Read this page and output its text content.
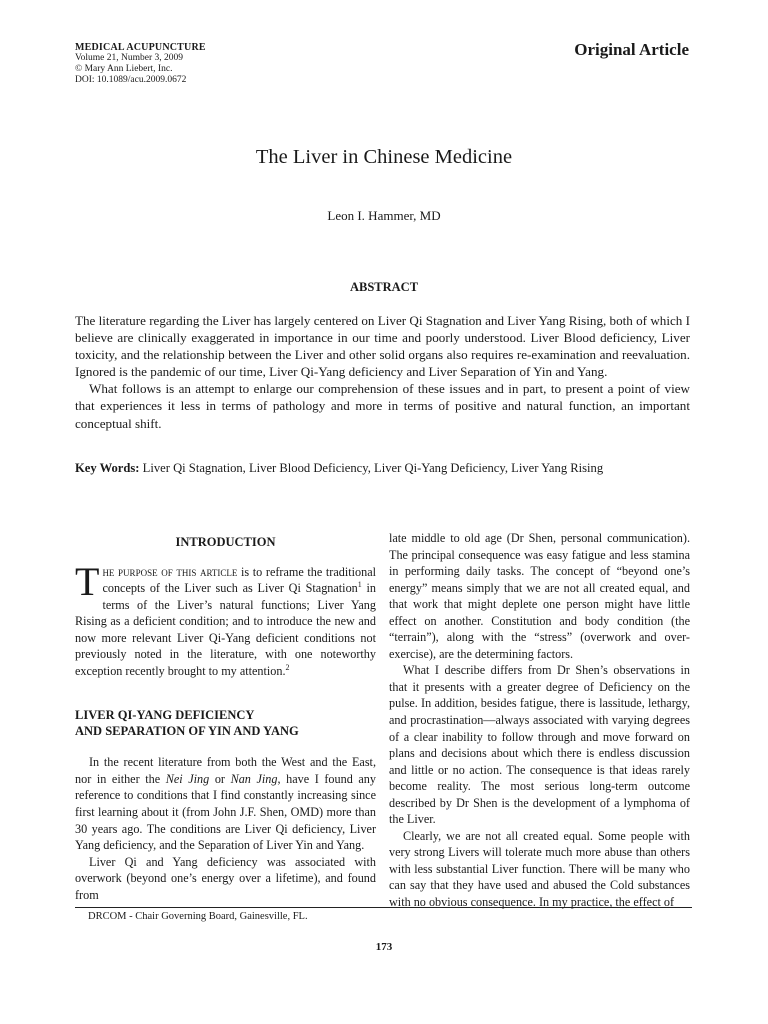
MEDICAL ACUPUNCTURE
Volume 21, Number 3, 2009
© Mary Ann Liebert, Inc.
DOI: 10.1089/acu.2009.0672
Original Article
The Liver in Chinese Medicine
Leon I. Hammer, MD
ABSTRACT

The literature regarding the Liver has largely centered on Liver Qi Stagnation and Liver Yang Rising, both of which I believe are clinically exaggerated in importance in our time and poorly understood. Liver Blood deficiency, Liver toxicity, and the relationship between the Liver and other solid organs also requires re-examination and reevaluation. Ignored is the pandemic of our time, Liver Qi-Yang deficiency and Liver Separation of Yin and Yang.

What follows is an attempt to enlarge our comprehension of these issues and in part, to present a point of view that experiences it less in terms of pathology and more in terms of positive and natural function, an important conceptual shift.

Key Words: Liver Qi Stagnation, Liver Blood Deficiency, Liver Qi-Yang Deficiency, Liver Yang Rising
INTRODUCTION

The purpose of this article is to reframe the traditional concepts of the Liver such as Liver Qi Stagnation$^1$ in terms of the Liver’s natural functions; Liver Yang Rising as a deficient condition; and to introduce the new and now more relevant Liver Qi-Yang deficient conditions not previously noted in the literature, with one noteworthy exception recently brought to my attention.$^2$

LIVER QI-YANG DEFICIENCY
AND SEPARATION OF YIN AND YANG

In the recent literature from both the West and the East, nor in either the Nei Jing or Nan Jing, have I found any reference to conditions that I find constantly increasing since first learning about it (from John J.F. Shen, OMD) more than 30 years ago. The conditions are Liver Qi deficiency, Liver Yang deficiency, and the Separation of Liver Yin and Yang.

Liver Qi and Yang deficiency was associated with overwork (beyond one’s energy over a lifetime), and found from

late middle to old age (Dr Shen, personal communication). The principal consequence was easy fatigue and less stamina in performing daily tasks. The concept of “beyond one’s energy” means simply that we are not all created equal, and that work that might deplete one person might have little effect on another. Constitution and body condition (the “terrain”), along with the “stress” (overwork and over-exercise), are the determining factors.

What I describe differs from Dr Shen’s observations in that it presents with a greater degree of Deficiency on the pulse. In addition, besides fatigue, there is lassitude, lethargy, and procrastination—always associated with varying degrees of a clear inability to follow through and move forward on plans and decisions about which there is endless discussion and little or no action. The consequence is that ideas rarely become reality. The most serious long-term outcome described by Dr Shen is the development of a lymphoma of the Liver.

Clearly, we are not all created equal. Some people with very strong Livers will tolerate much more abuse than others with less substantial Liver function. There will be many who can say that they have used and abused the Cold substances with no obvious consequence. In my practice, the effect of

DRCOM - Chair Governing Board, Gainesville, FL.
173
